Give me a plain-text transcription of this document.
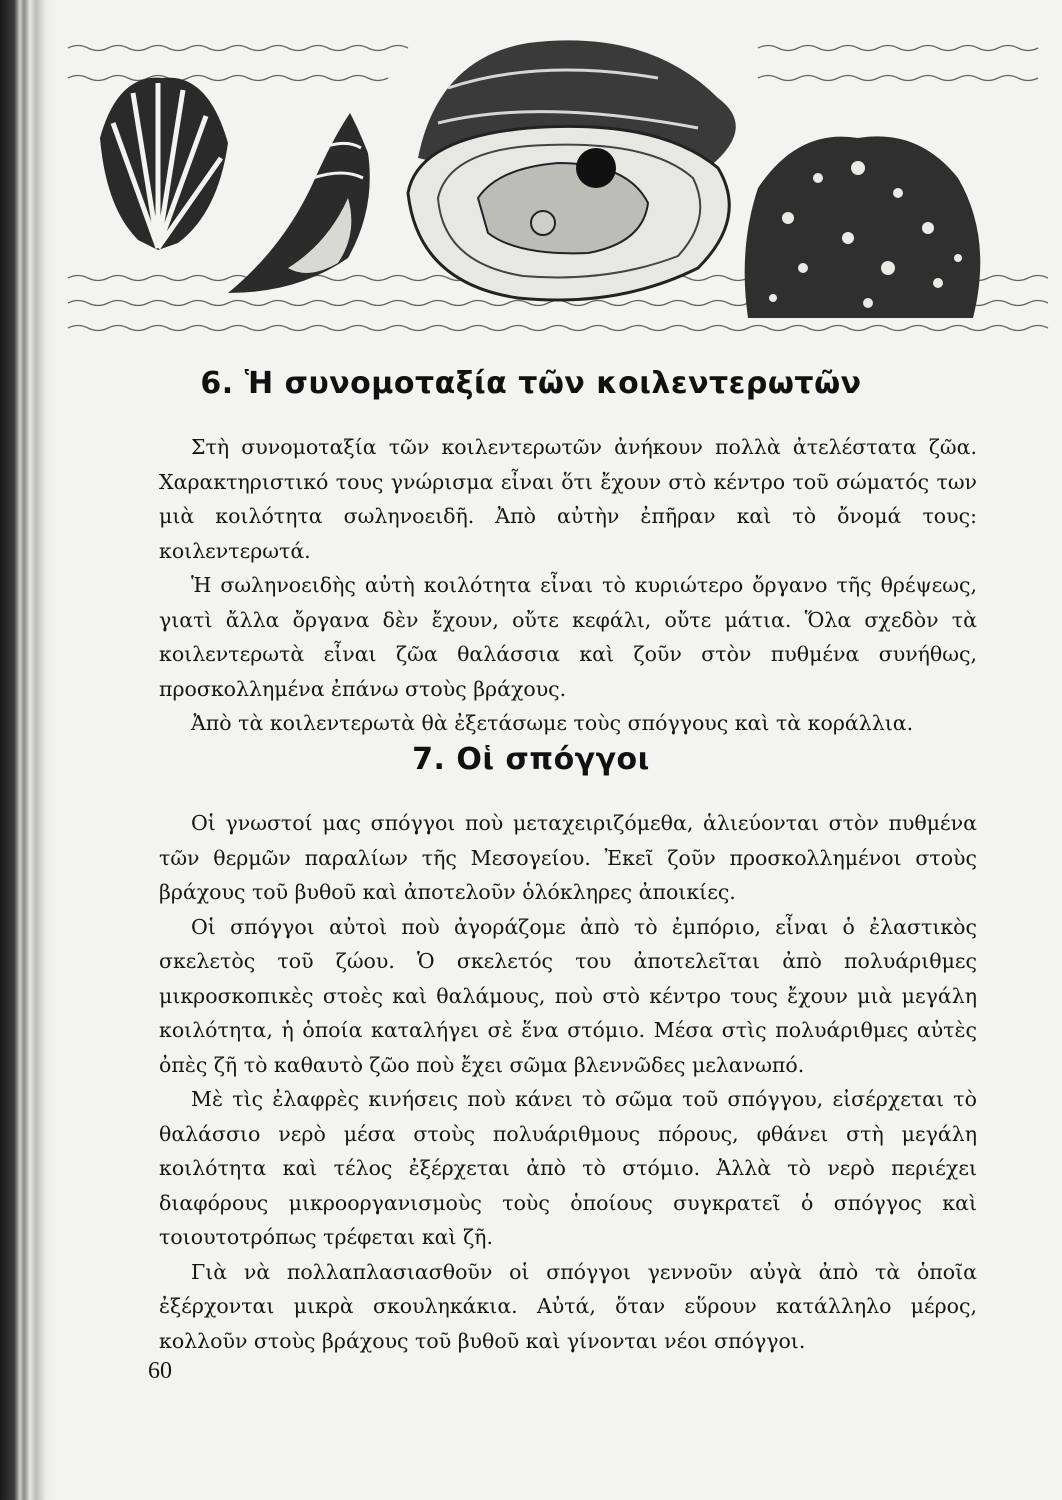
6. Ἡ συνομοταξία τῶν κοιλεντερωτῶν

Στὴ συνομοταξία τῶν κοιλεντερωτῶν ἀνήκουν πολλὰ ἀτελέστατα ζῶα. Χαρακτηριστικό τους γνώρισμα εἶναι ὅτι ἔχουν στὸ κέντρο τοῦ σώματός των μιὰ κοιλότητα σωληνοειδῆ. Ἀπὸ αὐτὴν ἐπῆραν καὶ τὸ ὄνομά τους: κοιλεντερωτά.

Ἡ σωληνοειδὴς αὐτὴ κοιλότητα εἶναι τὸ κυριώτερο ὄργανο τῆς θρέψεως, γιατὶ ἄλλα ὄργανα δὲν ἔχουν, οὔτε κεφάλι, οὔτε μάτια. Ὅλα σχεδὸν τὰ κοιλεντερωτὰ εἶναι ζῶα θαλάσσια καὶ ζοῦν στὸν πυθμένα συνήθως, προσκολλημένα ἐπάνω στοὺς βράχους.

Ἀπὸ τὰ κοιλεντερωτὰ θὰ ἐξετάσωμε τοὺς σπόγγους καὶ τὰ κοράλλια.

7. Οἱ σπόγγοι

Οἱ γνωστοί μας σπόγγοι ποὺ μεταχειριζόμεθα, ἁλιεύονται στὸν πυθμένα τῶν θερμῶν παραλίων τῆς Μεσογείου. Ἐκεῖ ζοῦν προσκολλημένοι στοὺς βράχους τοῦ βυθοῦ καὶ ἀποτελοῦν ὁλόκληρες ἀποικίες.

Οἱ σπόγγοι αὐτοὶ ποὺ ἀγοράζομε ἀπὸ τὸ ἐμπόριο, εἶναι ὁ ἐλαστικὸς σκελετὸς τοῦ ζώου. Ὁ σκελετός του ἀποτελεῖται ἀπὸ πολυάριθμες μικροσκοπικὲς στοὲς καὶ θαλάμους, ποὺ στὸ κέντρο τους ἔχουν μιὰ μεγάλη κοιλότητα, ἡ ὁποία καταλήγει σὲ ἕνα στόμιο. Μέσα στὶς πολυάριθμες αὐτὲς ὀπὲς ζῆ τὸ καθαυτὸ ζῶο ποὺ ἔχει σῶμα βλεννῶδες μελανωπό.

Μὲ τὶς ἐλαφρὲς κινήσεις ποὺ κάνει τὸ σῶμα τοῦ σπόγγου, εἰσέρχεται τὸ θαλάσσιο νερὸ μέσα στοὺς πολυάριθμους πόρους, φθάνει στὴ μεγάλη κοιλότητα καὶ τέλος ἐξέρχεται ἀπὸ τὸ στόμιο. Ἀλλὰ τὸ νερὸ περιέχει διαφόρους μικροοργανισμοὺς τοὺς ὁποίους συγκρατεῖ ὁ σπόγγος καὶ τοιουτοτρόπως τρέφεται καὶ ζῆ.

Γιὰ νὰ πολλαπλασιασθοῦν οἱ σπόγγοι γεννοῦν αὐγὰ ἀπὸ τὰ ὁποῖα ἐξέρχονται μικρὰ σκουληκάκια. Αὐτά, ὅταν εὕρουν κατάλληλο μέρος, κολλοῦν στοὺς βράχους τοῦ βυθοῦ καὶ γίνονται νέοι σπόγγοι.

60
